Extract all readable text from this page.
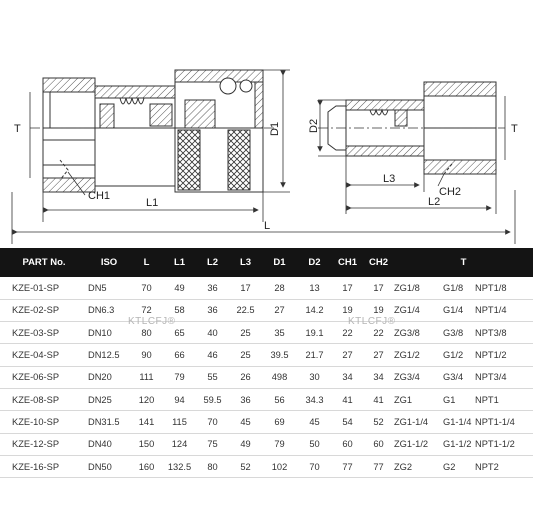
T
CH1
L1
D1
L
D2
L3
CH2
L2
T
PART No.	ISO	L	L1	L2	L3	D1	D2	CH1	CH2	T		
KZE-01-SP	DN5	70	49	36	17	28	13	17	17	ZG1/8	G1/8	NPT1/8
KZE-02-SP	DN6.3	72	58	36	22.5	27	14.2	19	19	ZG1/4	G1/4	NPT1/4
KZE-03-SP	DN10	80	65	40	25	35	19.1	22	22	ZG3/8	G3/8	NPT3/8
KZE-04-SP	DN12.5	90	66	46	25	39.5	21.7	27	27	ZG1/2	G1/2	NPT1/2
KZE-06-SP	DN20	111	79	55	26	498	30	34	34	ZG3/4	G3/4	NPT3/4
KZE-08-SP	DN25	120	94	59.5	36	56	34.3	41	41	ZG1	G1	NPT1
KZE-10-SP	DN31.5	141	115	70	45	69	45	54	52	ZG1-1/4	G1-1/4	NPT1-1/4
KZE-12-SP	DN40	150	124	75	49	79	50	60	60	ZG1-1/2	G1-1/2	NPT1-1/2
KZE-16-SP	DN50	160	132.5	80	52	102	70	77	77	ZG2	G2	NPT2
KTLCFJ®	KTLCFJ®
